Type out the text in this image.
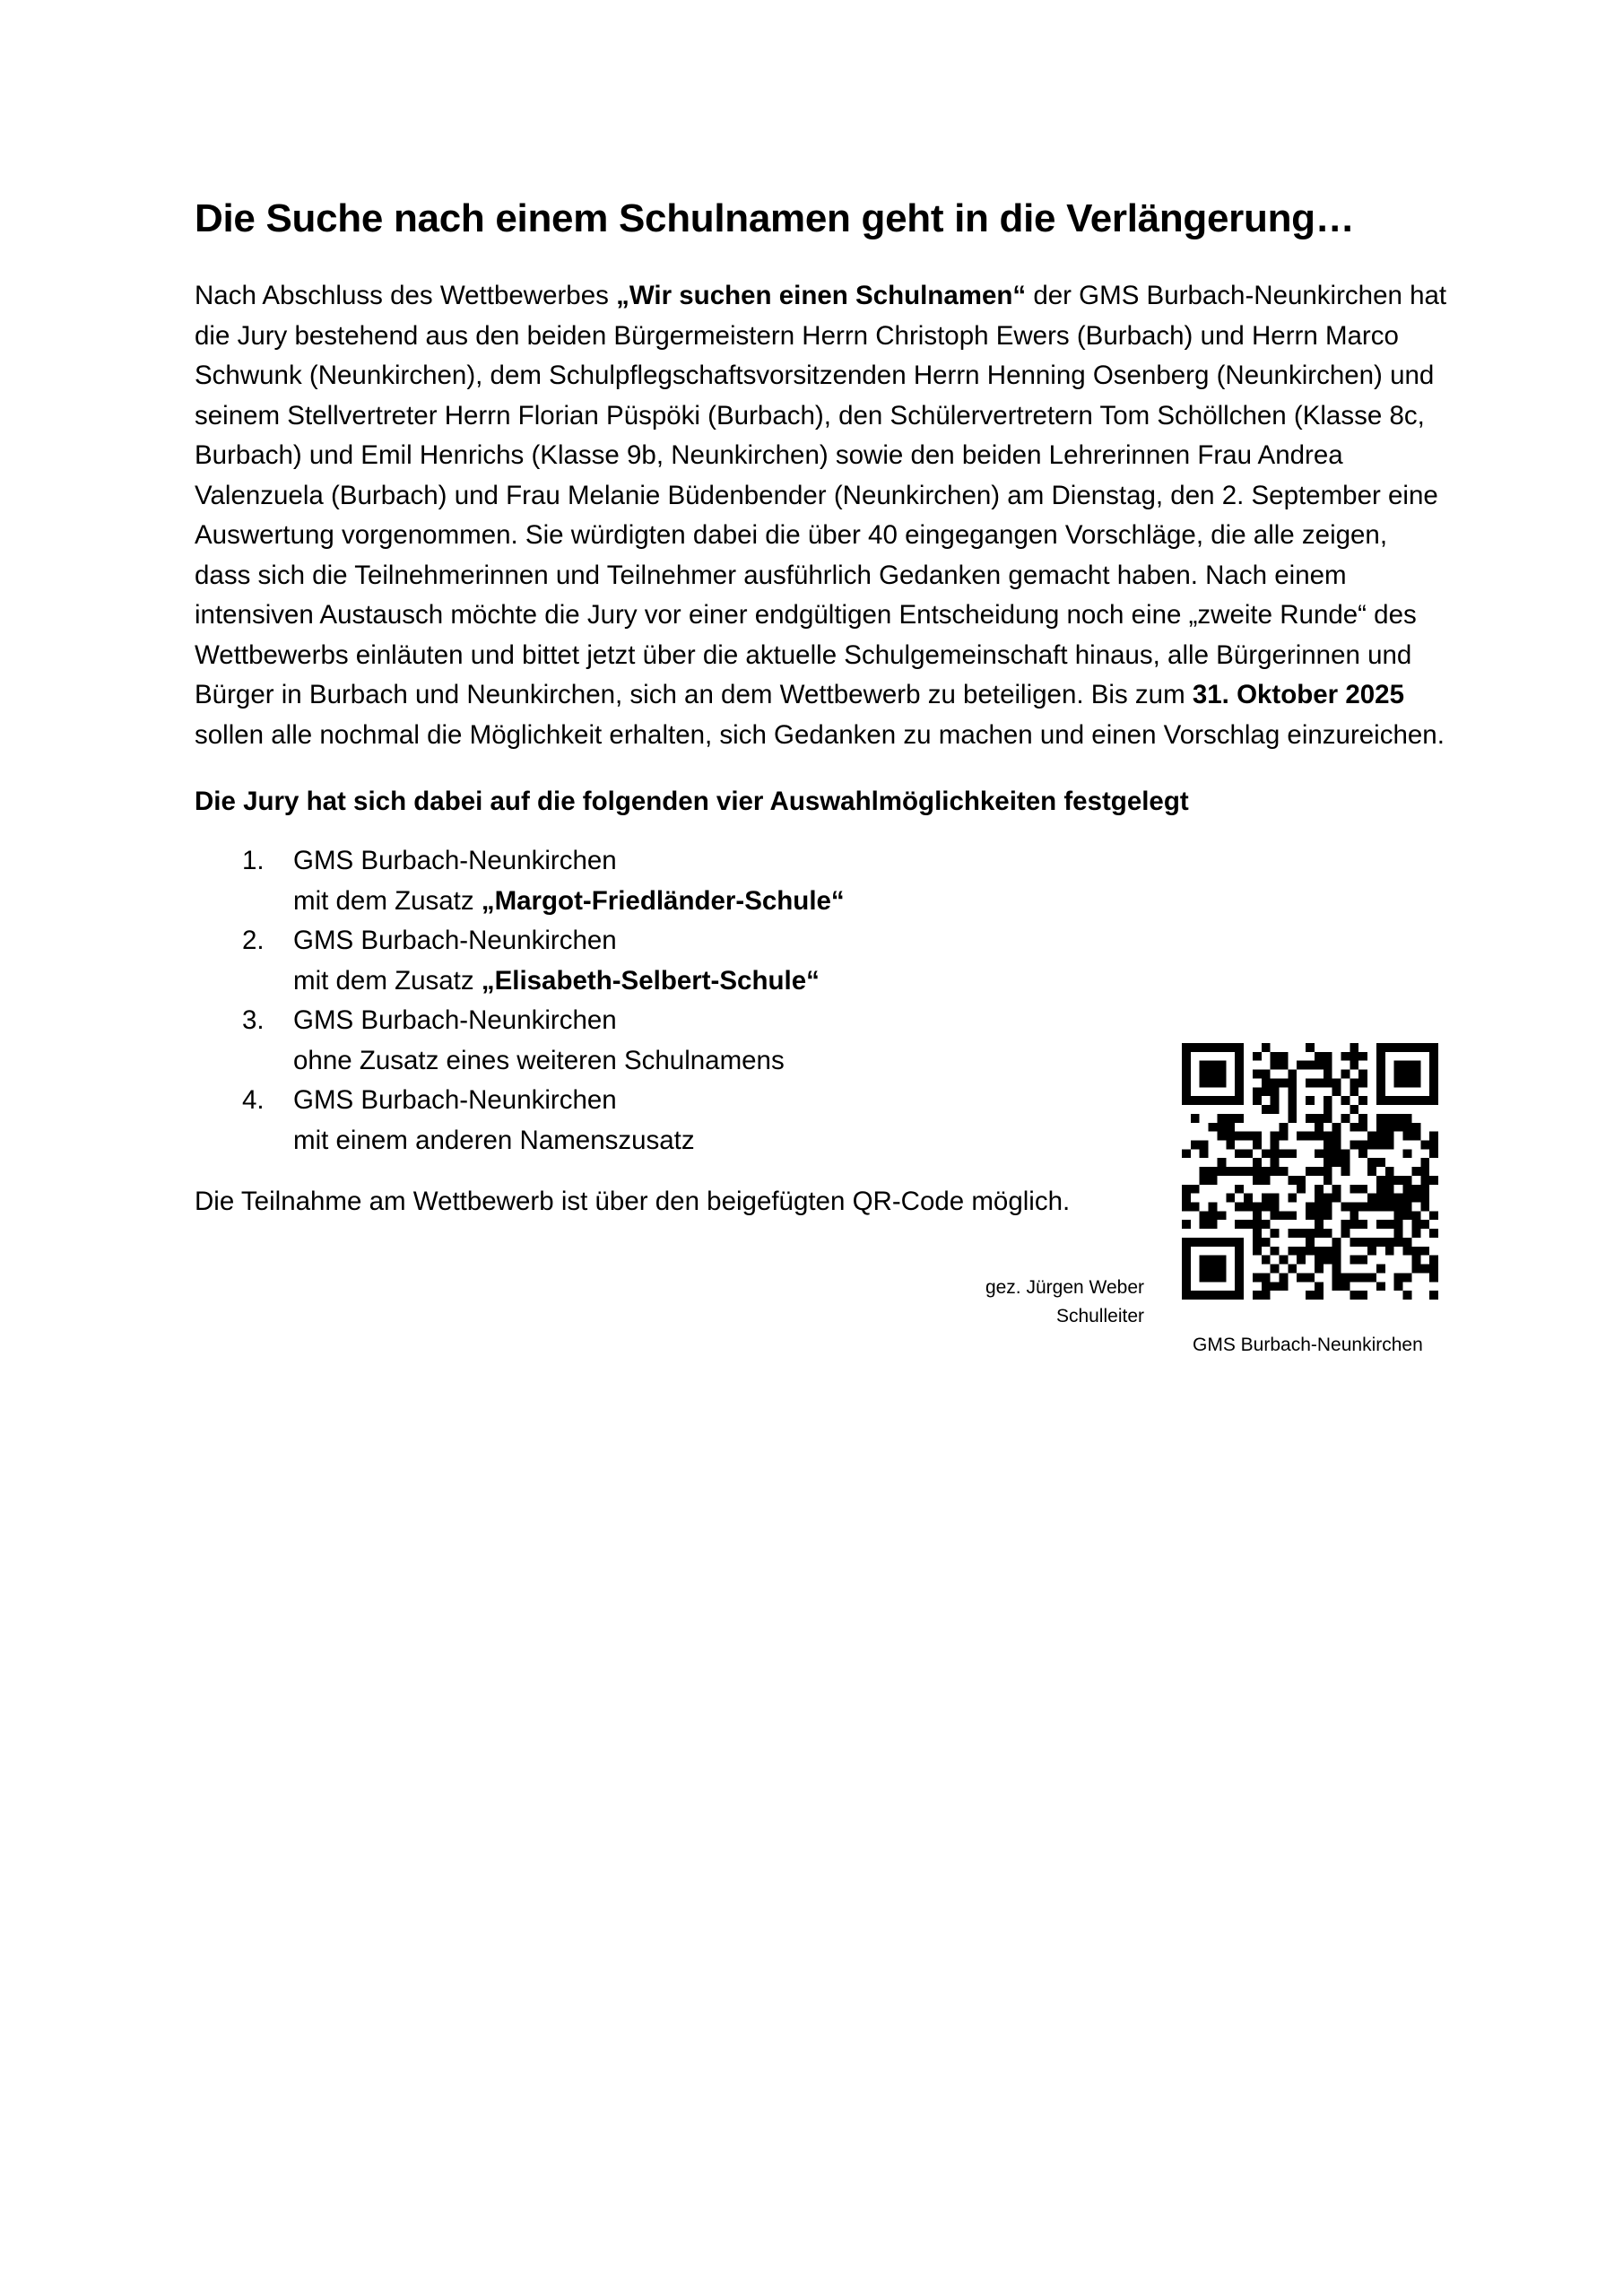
Die Suche nach einem Schulnamen geht in die Verlängerung…

Nach Abschluss des Wettbewerbes „Wir suchen einen Schulnamen“ der GMS Burbach-Neunkirchen hat die Jury bestehend aus den beiden Bürgermeistern Herrn Christoph Ewers (Burbach) und Herrn Marco Schwunk (Neunkirchen), dem Schulpflegschaftsvorsitzenden Herrn Henning Osenberg (Neunkirchen) und seinem Stellvertreter Herrn Florian Püspöki (Burbach), den Schülervertretern Tom Schöllchen (Klasse 8c, Burbach) und Emil Henrichs (Klasse 9b, Neunkirchen) sowie den beiden Lehrerinnen Frau Andrea Valenzuela (Burbach) und Frau Melanie Büdenbender (Neunkirchen) am Dienstag, den 2. September eine Auswertung vorgenommen. Sie würdigten dabei die über 40 eingegangen Vorschläge, die alle zeigen, dass sich die Teilnehmerinnen und Teilnehmer ausführlich Gedanken gemacht haben. Nach einem intensiven Austausch möchte die Jury vor einer endgültigen Entscheidung noch eine „zweite Runde“ des Wettbewerbs einläuten und bittet jetzt über die aktuelle Schulgemeinschaft hinaus, alle Bürgerinnen und Bürger in Burbach und Neunkirchen, sich an dem Wettbewerb zu beteiligen. Bis zum 31. Oktober 2025 sollen alle nochmal die Möglichkeit erhalten, sich Gedanken zu machen und einen Vorschlag einzureichen.

Die Jury hat sich dabei auf die folgenden vier Auswahlmöglichkeiten festgelegt

1. GMS Burbach-Neunkirchen
mit dem Zusatz „Margot-Friedländer-Schule“
2. GMS Burbach-Neunkirchen
mit dem Zusatz „Elisabeth-Selbert-Schule“
3. GMS Burbach-Neunkirchen
ohne Zusatz eines weiteren Schulnamens
4. GMS Burbach-Neunkirchen
mit einem anderen Namenszusatz

Die Teilnahme am Wettbewerb ist über den beigefügten QR-Code möglich.

gez. Jürgen Weber
Schulleiter
GMS Burbach-Neunkirchen
